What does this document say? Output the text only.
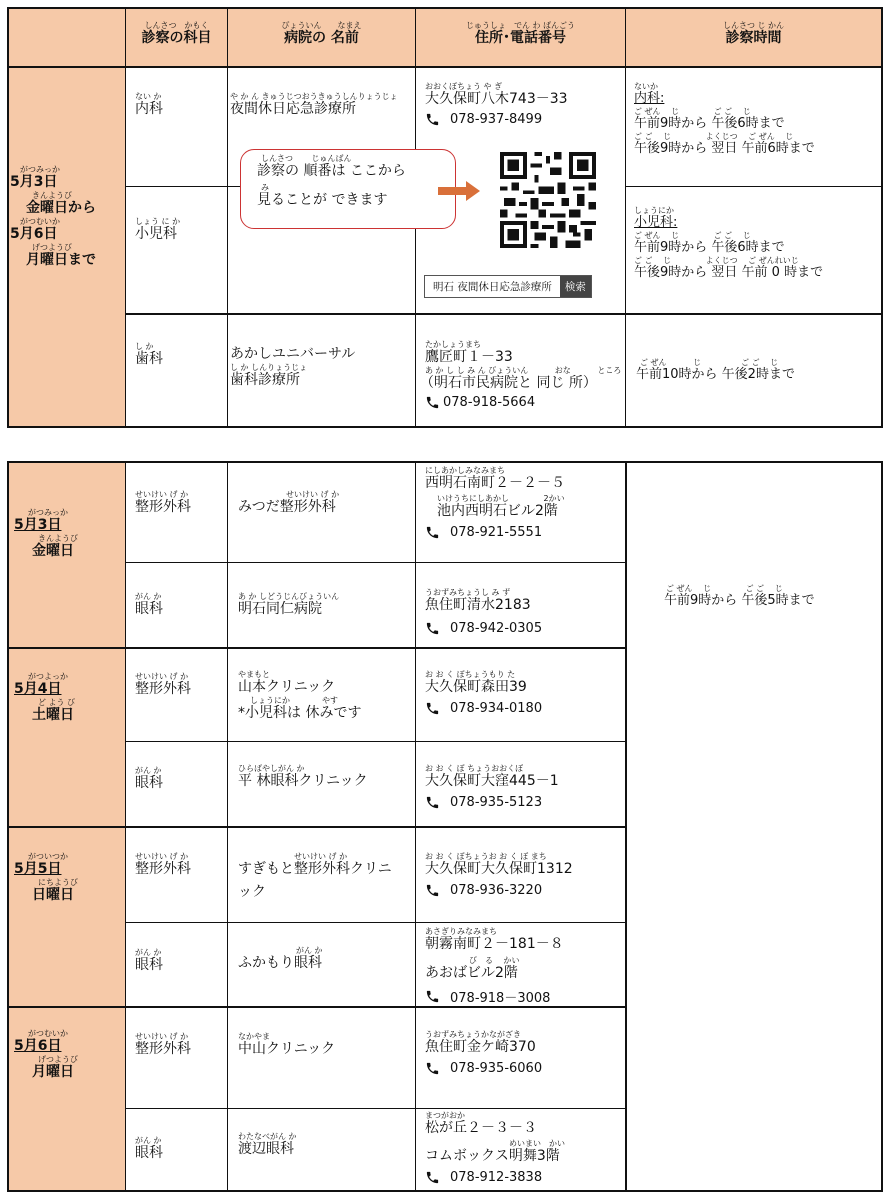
しんさつ　かもく
診察の科目
びょういん　　なまえ
病院の 名前
じゅうしょ　でん わ ばんごう
住所･電話番号
しんさつ じ かん
診察時間
がつみっか
5月3日
きんようび
金曜日から
がつむいか
5月6日
げつようび
月曜日まで
ない か
内科
や か ん きゅうじつおうきゅうしんりょうじょ
夜間休日応急診療所
おおくぼちょう や ぎ
大久保町八木743－33
078-937-8499
明石 夜間休日応急診療所	検索
しんさつ　　 じゅんばん
診察の 順番は ここから
み
見ることが できます
ないか
内科:
ご ぜん　 じ　　　　 ご ご　 じ
午前9時から 午後6時まで
ご ご　 じ　　　　 よくじつ　 ご ぜん　 じ
午後9時から 翌日 午前6時まで
しょう に か
小児科
しょうにか
小児科:
ご ぜん　 じ　　　　 ご ご　 じ
午前9時から 午後6時まで
ご ご　 じ　　　　 よくじつ　 ご ぜんれいじ
午後9時から 翌日 午前 0 時まで
し か
歯科	あかしユニバーサル
し か しんりょうじょ
歯科診療所
たかしょうまち
鷹匠町１－33
あ か し し み ん びょういん　　　 おな　　　 ところ
（明石市民病院と 同じ 所）
078-918-5664
ご ぜん　　　 じ　　　　　ご ご　 じ
午前10時から 午後2時まで
がつみっか
5月3日
きんようび
金曜日
がつよっか
5月4日
ど よう び
土曜日
がついつか
5月5日
にちようび
日曜日
がつむいか
5月6日
げつようび
月曜日
ご ぜん　 じ　　　　 ご ご　 じ
午前9時から 午後5時まで
せいけい げ か
整形外科
せいけい げ か
みつだ整形外科
にしあかしみなみまち
西明石南町２－２－５
いけうちにしあかし　　　　 2かい
池内西明石ビル2階
078-921-5551
がん か
眼科
あ か しどうじんびょういん
明石同仁病院
うおずみちょうし み ず
魚住町清水2183
078-942-0305
せいけい げ か
整形外科
やまもと
山本クリニック
しょうにか　　　　やす
*小児科は 休みです
お お く ぼちょうもり た
大久保町森田39
078-934-0180
がん か
眼科
ひらばやしがん か
平 林眼科クリニック
お お く ぼ ちょうおおくぼ
大久保町大窪445－1
078-935-5123
せいけい げ か
整形外科
せいけい げ か
すぎもと整形外科クリニ
ック
お お く ぼちょうお お く ぼ まち
大久保町大久保町1312
078-936-3220
がん か
眼科
がん か
ふかもり眼科
あさぎりみなみまち
朝霧南町２－181－８
び　る　 かい
あおばビル2階
078-918－3008
せいけい げ か
整形外科
なかやま
中山クリニック
うおずみちょうかながざき
魚住町金ケ崎370
078-935-6060
がん か
眼科
わたなべがん か
渡辺眼科
まつがおか
松が丘２－３－３
めいまい　かい
コムボックス明舞3階
078-912-3838
